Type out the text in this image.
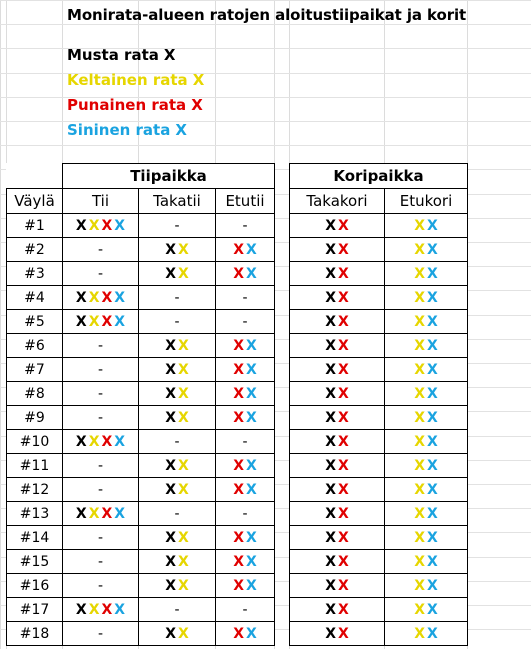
Monirata-alueen ratojen aloitustiipaikat ja korit
Musta rata X
Keltainen rata X
Punainen rata X
Sininen rata X
	Tiipaikka		
Väylä	Tii	Takatii	Etutii
#1	X X X X	-	-
#2	-	X X	X X
#3	-	X X	X X
#4	X X X X	-	-
#5	X X X X	-	-
#6	-	X X	X X
#7	-	X X	X X
#8	-	X X	X X
#9	-	X X	X X
#10	X X X X	-	-
#11	-	X X	X X
#12	-	X X	X X
#13	X X X X	-	-
#14	-	X X	X X
#15	-	X X	X X
#16	-	X X	X X
#17	X X X X	-	-
#18	-	X X	X X
Koripaikka	
Takakori	Etukori
X X	X X
X X	X X
X X	X X
X X	X X
X X	X X
X X	X X
X X	X X
X X	X X
X X	X X
X X	X X
X X	X X
X X	X X
X X	X X
X X	X X
X X	X X
X X	X X
X X	X X
X X	X X
